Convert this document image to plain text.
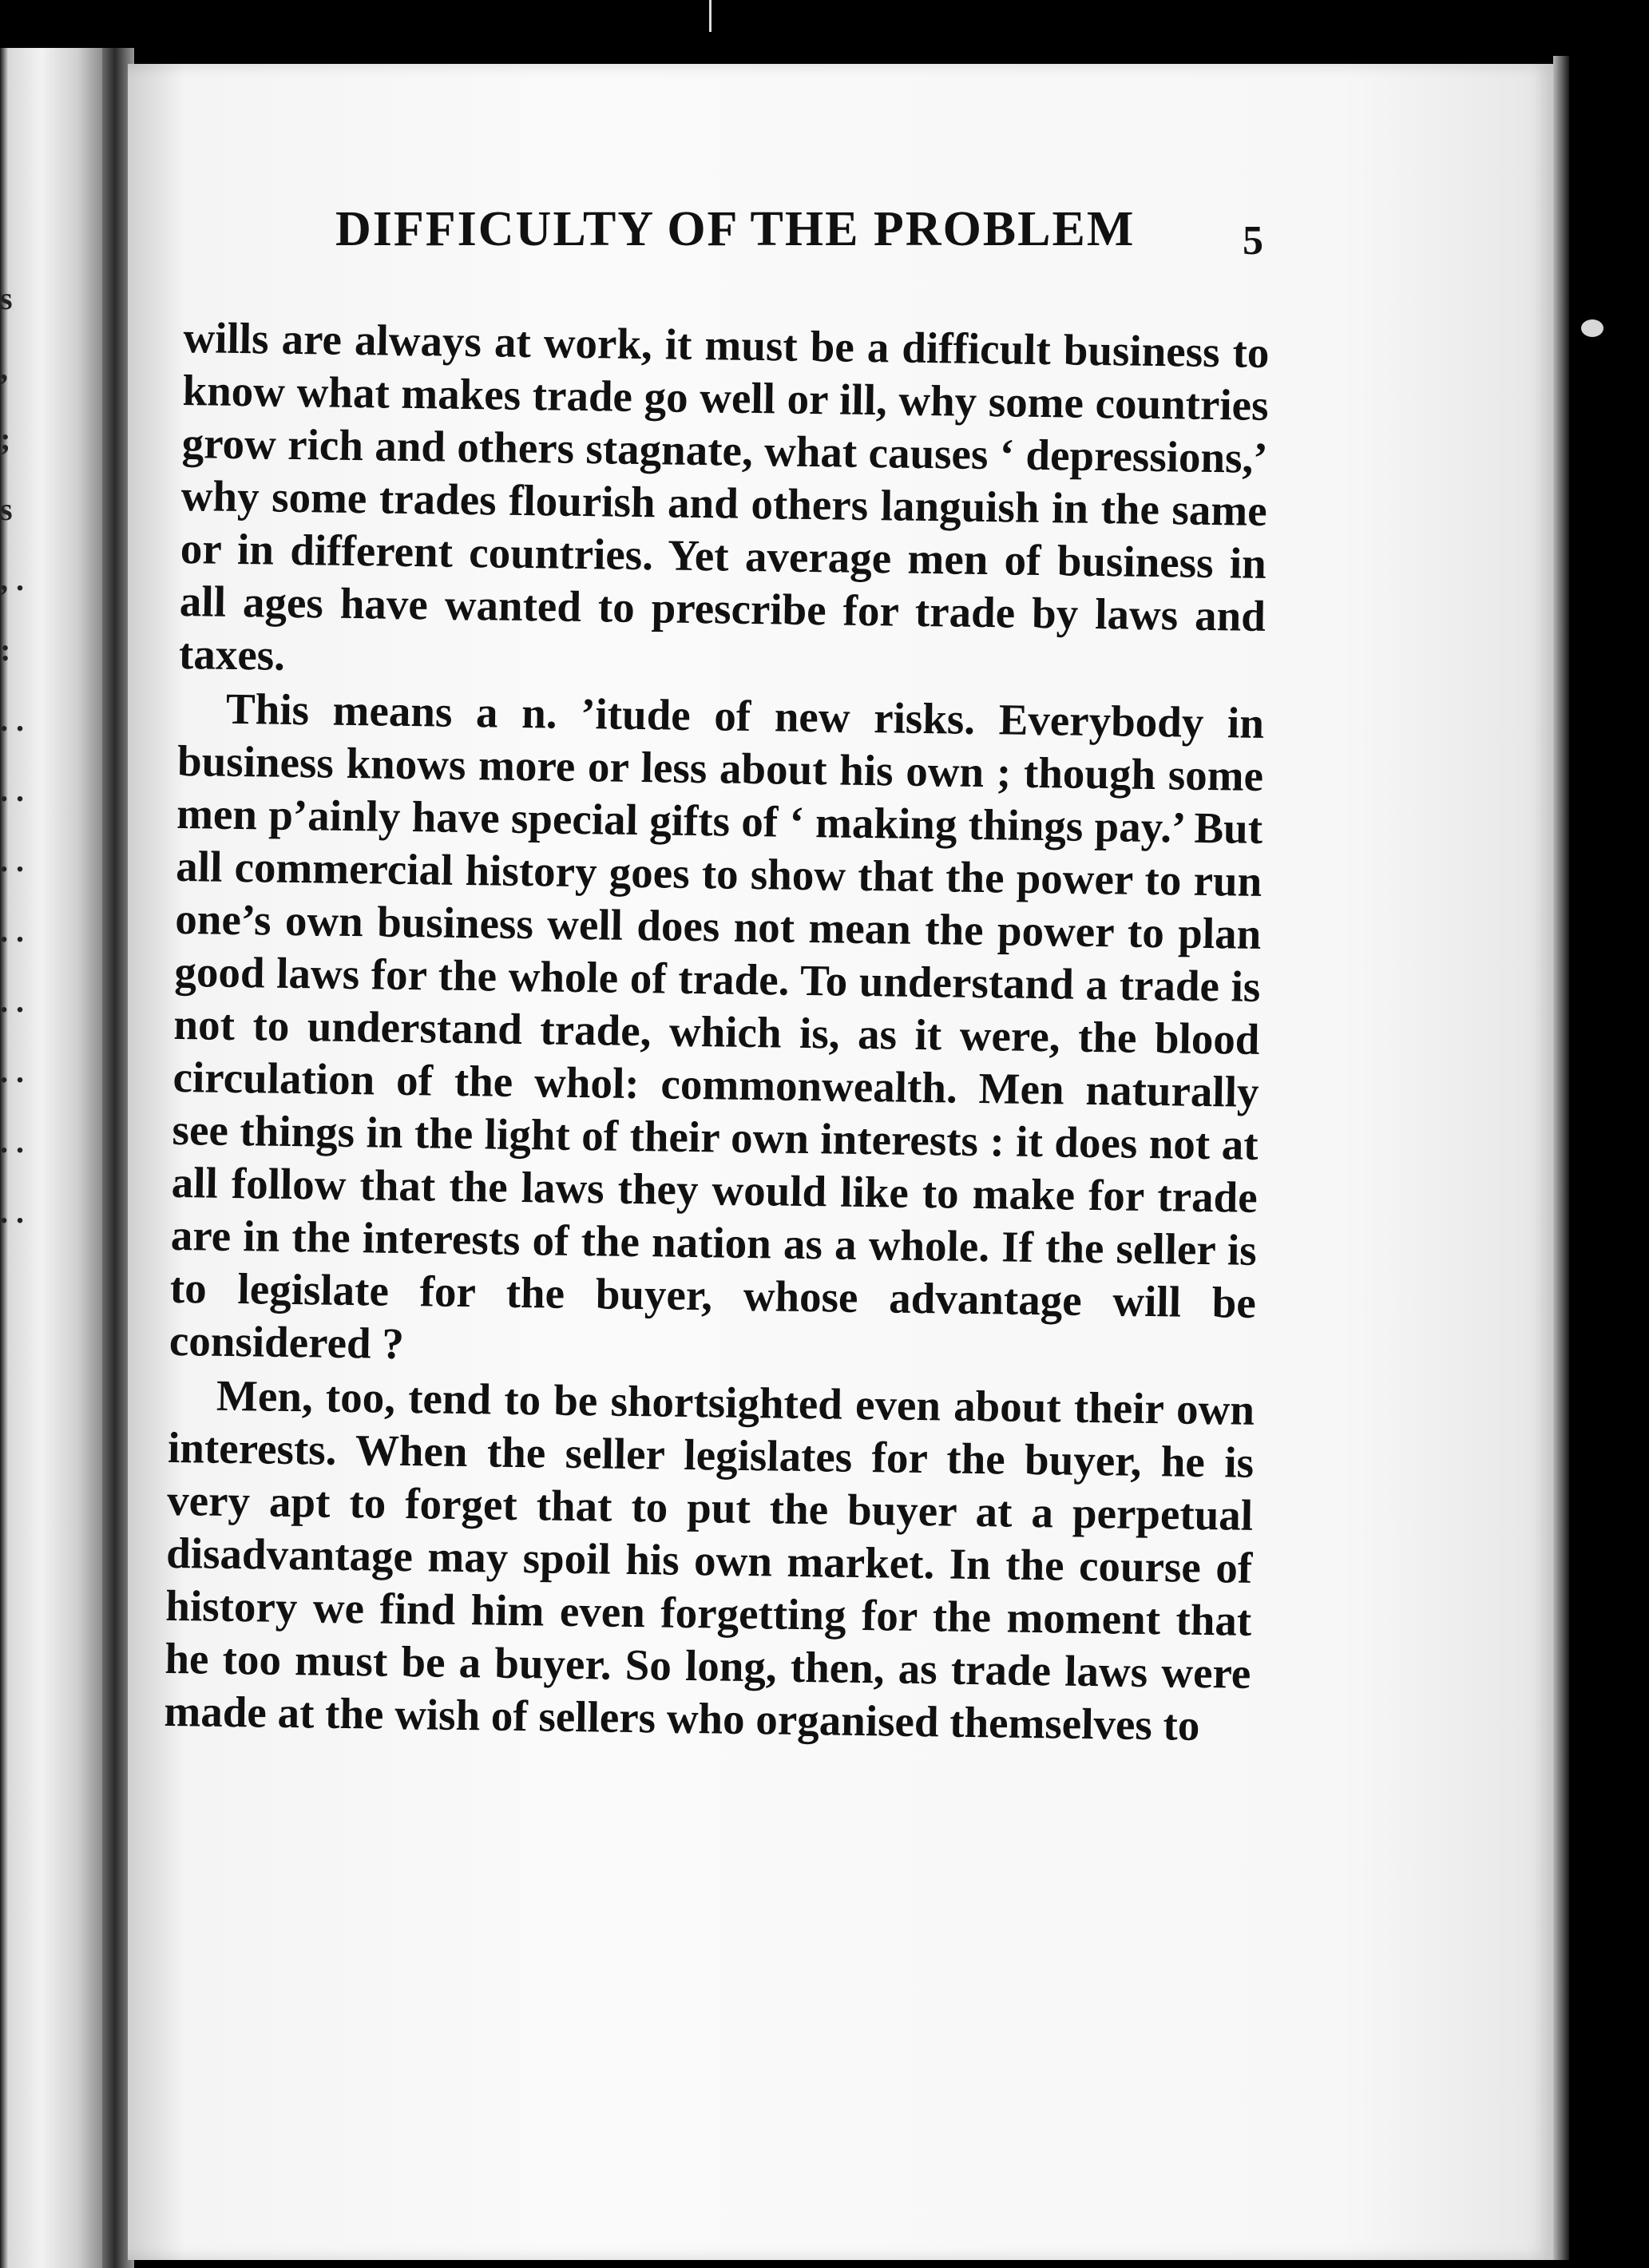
s , ; s , . : . . . . . . . . . . . . . . . .
DIFFICULTY OF THE PROBLEM	5

wills are always at work, it must be a difficult business to know what makes trade go well or ill, why some countries grow rich and others stagnate, what causes ‘ depressions,’ why some trades flourish and others languish in the same or in different countries. Yet average men of business in all ages have wanted to prescribe for trade by laws and taxes.

This means a n. ’itude of new risks. Everybody in business knows more or less about his own ; though some men p’ainly have special gifts of ‘ making things pay.’ But all commercial history goes to show that the power to run one’s own business well does not mean the power to plan good laws for the whole of trade. To understand a trade is not to understand trade, which is, as it were, the blood circulation of the whol: commonwealth. Men naturally see things in the light of their own interests : it does not at all follow that the laws they would like to make for trade are in the interests of the nation as a whole. If the seller is to legislate for the buyer, whose advantage will be considered ?

Men, too, tend to be shortsighted even about their own interests. When the seller legislates for the buyer, he is very apt to forget that to put the buyer at a perpetual disadvantage may spoil his own market. In the course of history we find him even forgetting for the moment that he too must be a buyer. So long, then, as trade laws were made at the wish of sellers who organised themselves to
